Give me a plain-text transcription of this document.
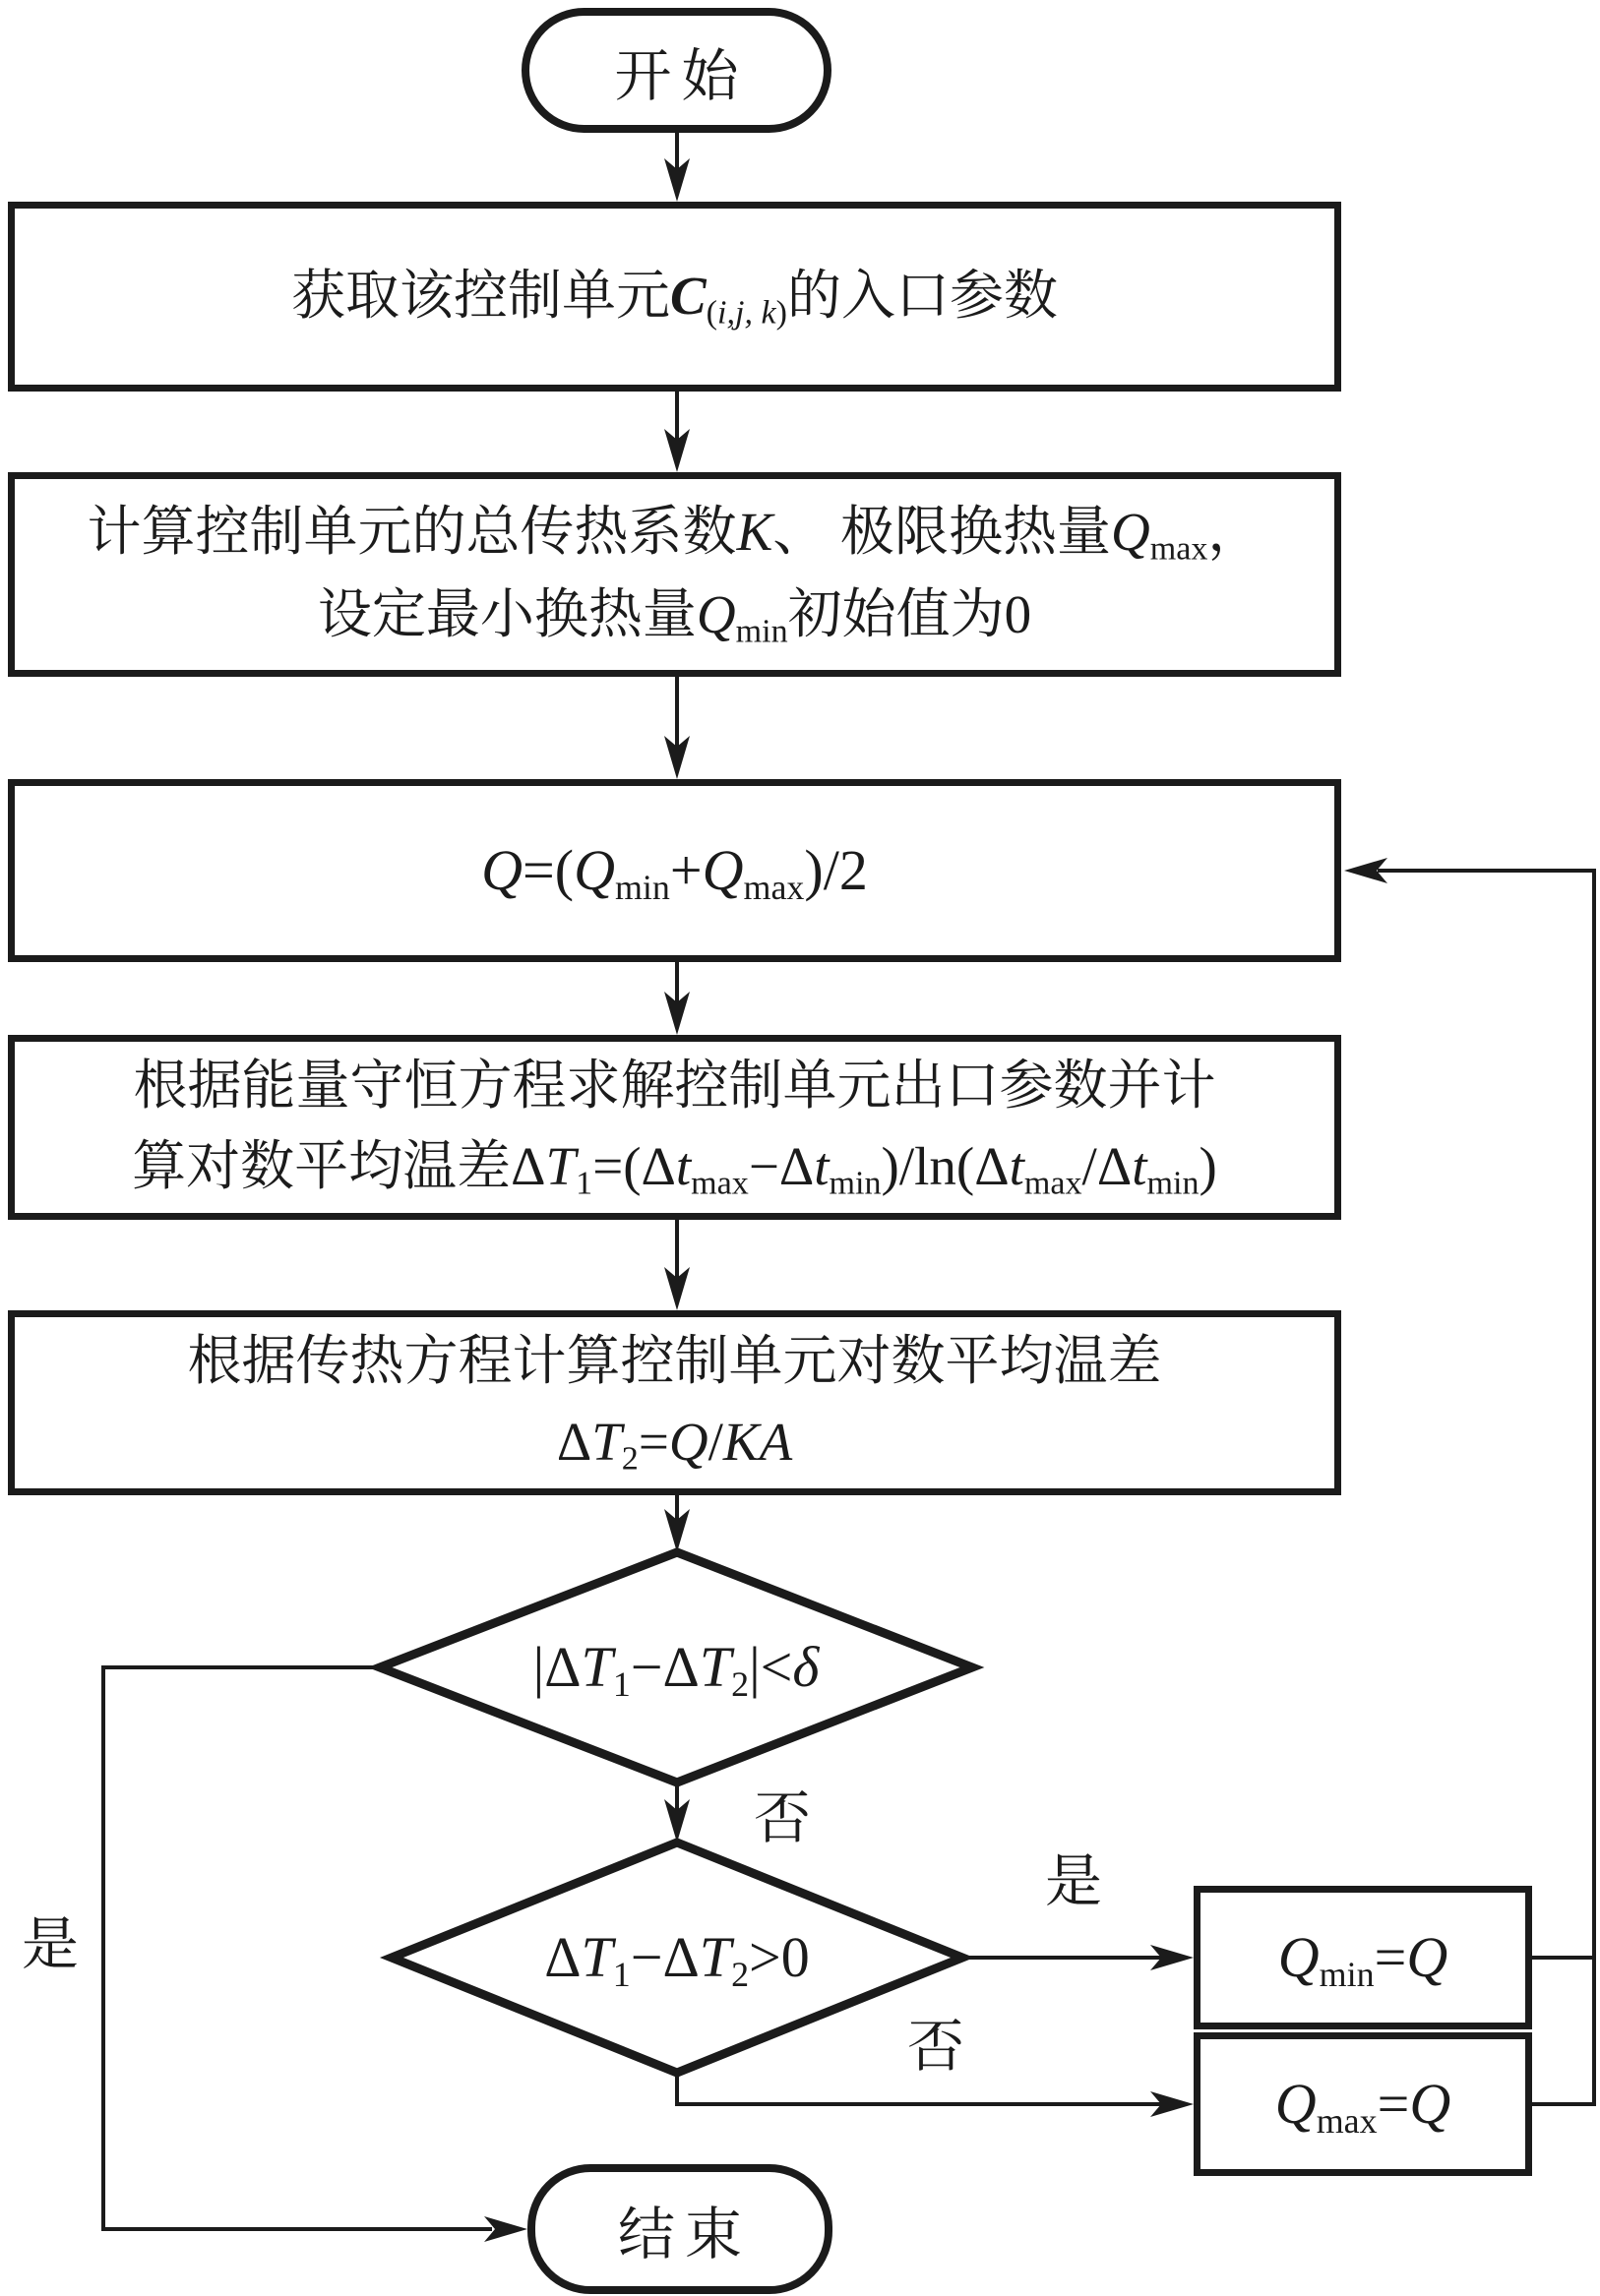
开始
获取该控制单元C(i,j, k)的入口参数
计算控制单元的总传热系数K、 极限换热量Qmax，
设定最小换热量Qmin初始值为0
Q=(Qmin+Qmax)/2
根据能量守恒方程求解控制单元出口参数并计
算对数平均温差ΔT1=(Δtmax−Δtmin)/ln(Δtmax/Δtmin)
根据传热方程计算控制单元对数平均温差
ΔT2=Q/KA
|ΔT1−ΔT2|<δ
ΔT1−ΔT2>0	Qmin=Q
Qmax=Q
结束
否
是
是
否
